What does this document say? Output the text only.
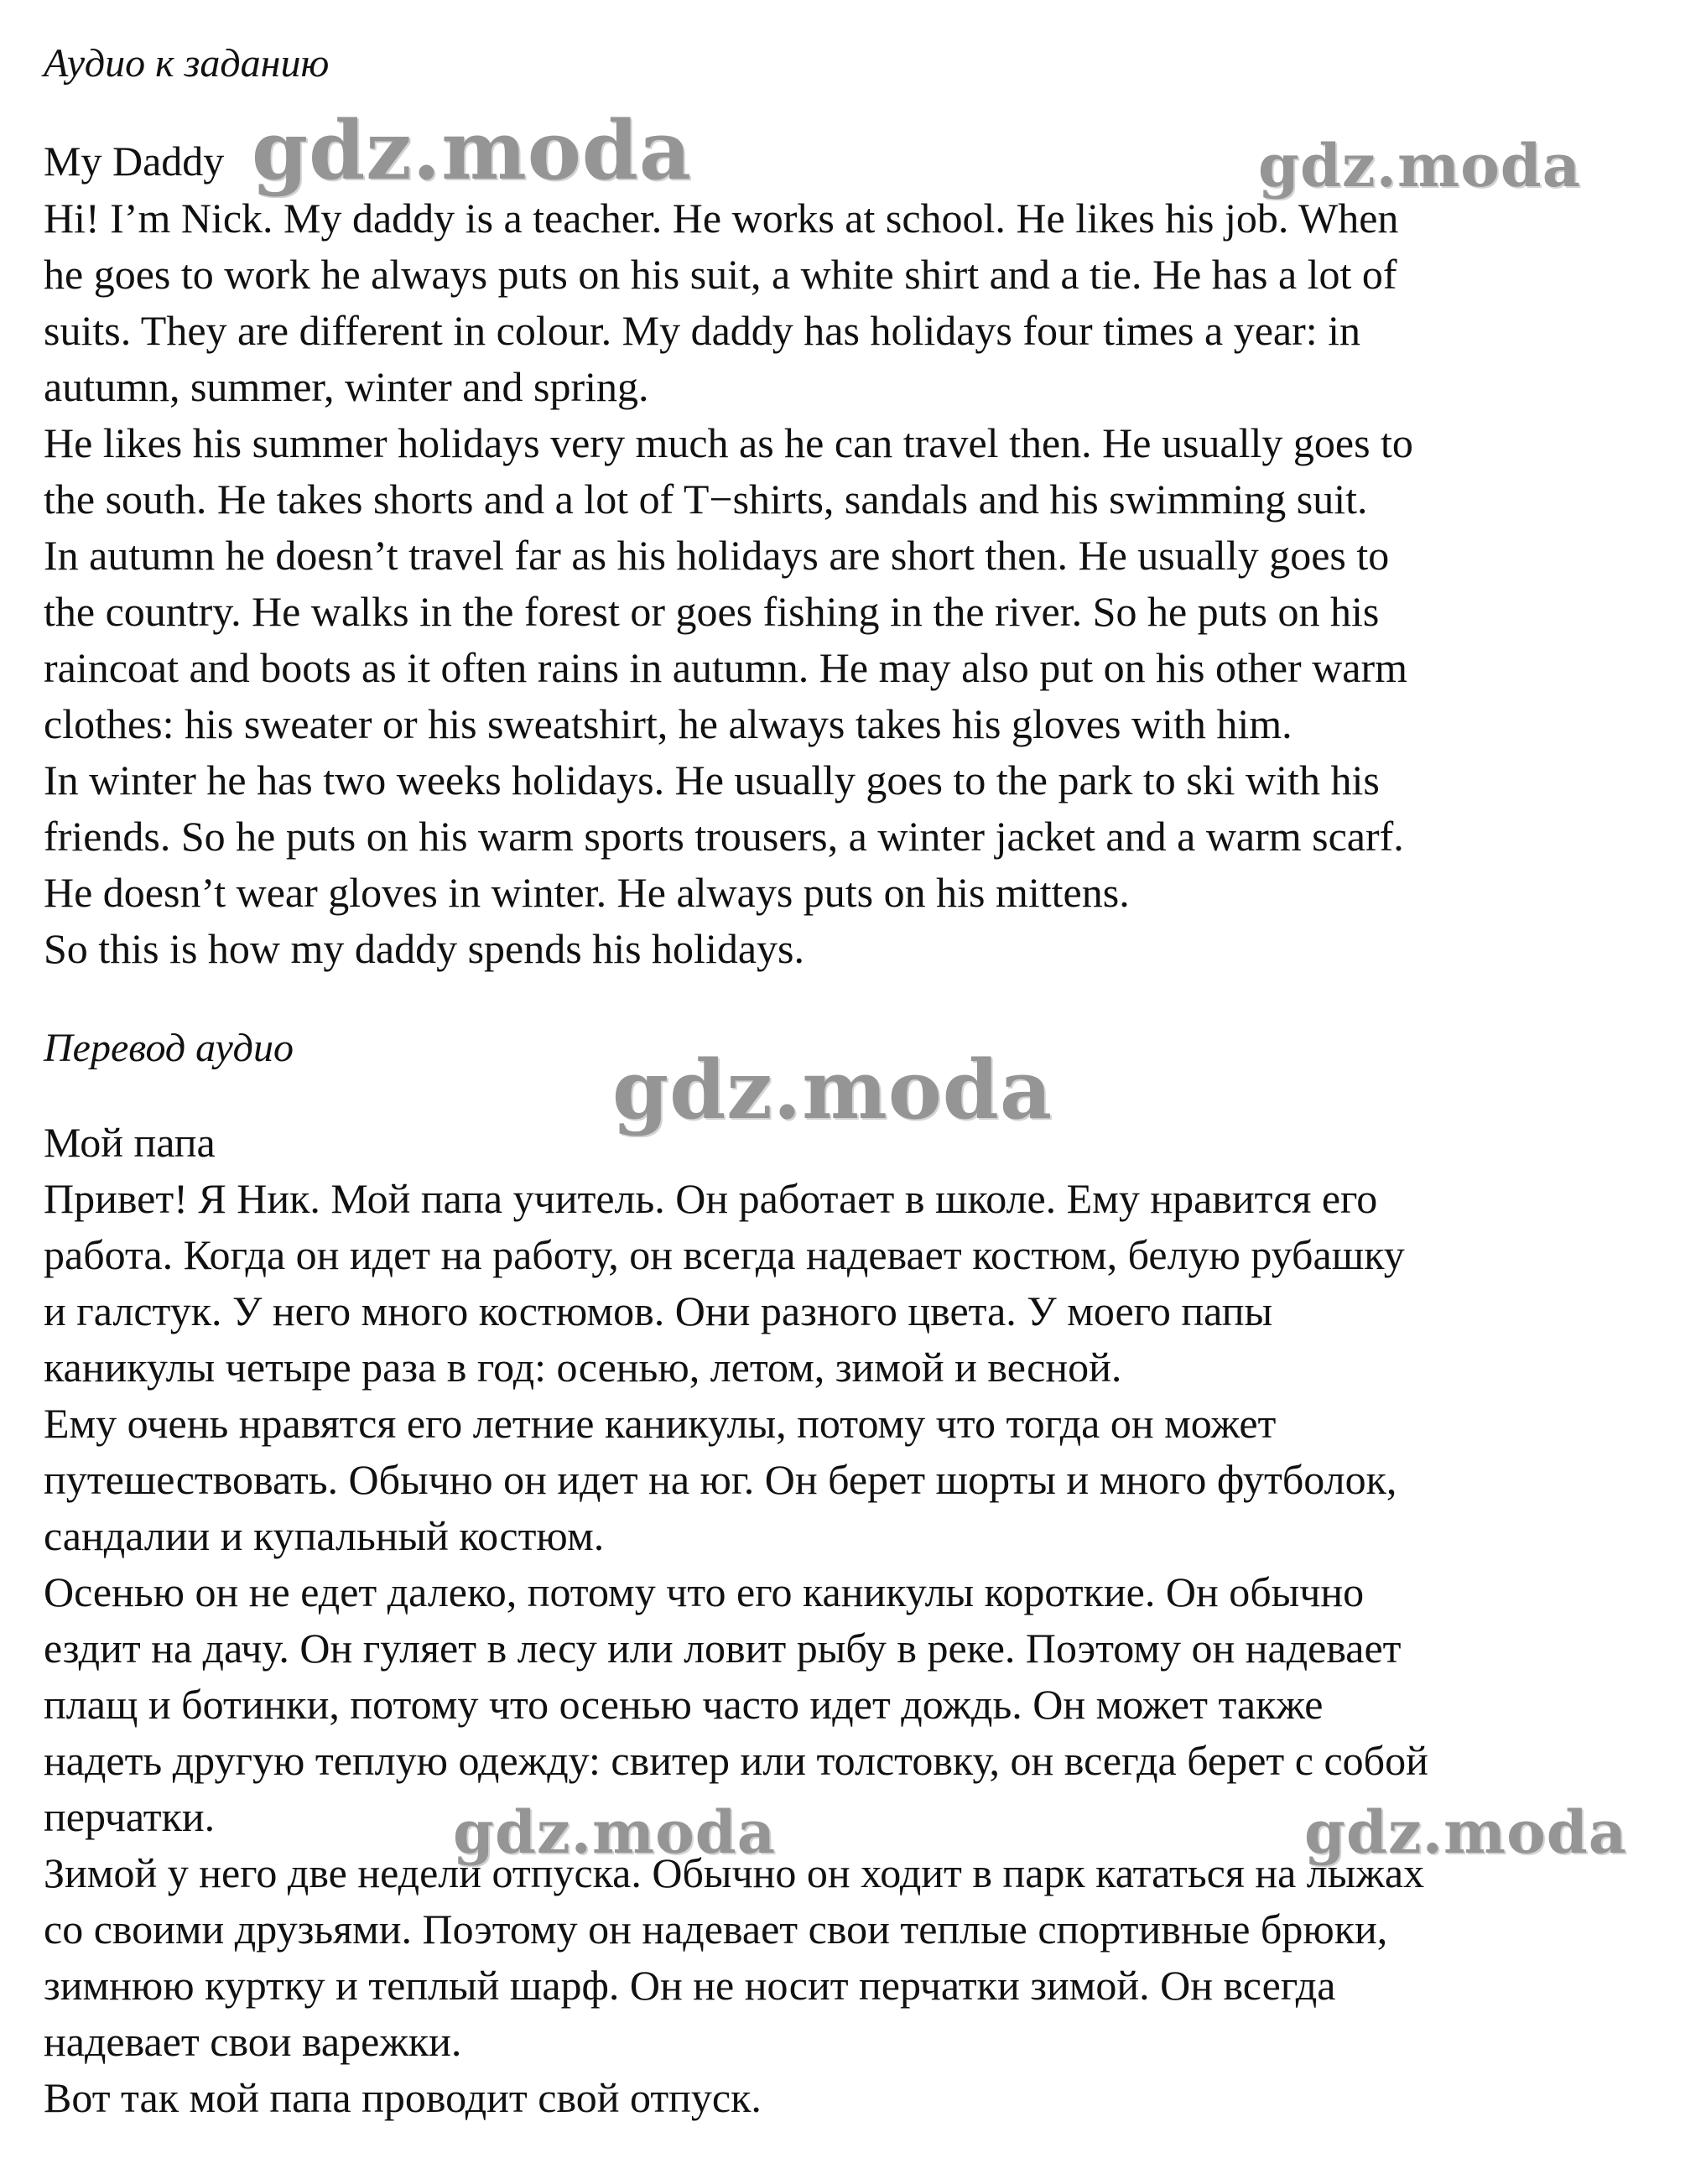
Аудио к заданию
My Daddy
Hi! I’m Nick. My daddy is a teacher. He works at school. He likes his job. When
he goes to work he always puts on his suit, a white shirt and a tie. He has a lot of
suits. They are different in colour. My daddy has holidays four times a year: in
autumn, summer, winter and spring.
He likes his summer holidays very much as he can travel then. He usually goes to
the south. He takes shorts and a lot of T−shirts, sandals and his swimming suit.
In autumn he doesn’t travel far as his holidays are short then. He usually goes to
the country. He walks in the forest or goes fishing in the river. So he puts on his
raincoat and boots as it often rains in autumn. He may also put on his other warm
clothes: his sweater or his sweatshirt, he always takes his gloves with him.
In winter he has two weeks holidays. He usually goes to the park to ski with his
friends. So he puts on his warm sports trousers, a winter jacket and a warm scarf.
He doesn’t wear gloves in winter. He always puts on his mittens.
So this is how my daddy spends his holidays.
Перевод аудио
Мой папа
Привет! Я Ник. Мой папа учитель. Он работает в школе. Ему нравится его
работа. Когда он идет на работу, он всегда надевает костюм, белую рубашку
и галстук. У него много костюмов. Они разного цвета. У моего папы
каникулы четыре раза в год: осенью, летом, зимой и весной.
Ему очень нравятся его летние каникулы, потому что тогда он может
путешествовать. Обычно он идет на юг. Он берет шорты и много футболок,
сандалии и купальный костюм.
Осенью он не едет далеко, потому что его каникулы короткие. Он обычно
ездит на дачу. Он гуляет в лесу или ловит рыбу в реке. Поэтому он надевает
плащ и ботинки, потому что осенью часто идет дождь. Он может также
надеть другую теплую одежду: свитер или толстовку, он всегда берет с собой
перчатки.
Зимой у него две недели отпуска. Обычно он ходит в парк кататься на лыжах
со своими друзьями. Поэтому он надевает свои теплые спортивные брюки,
зимнюю куртку и теплый шарф. Он не носит перчатки зимой. Он всегда
надевает свои варежки.
Вот так мой папа проводит свой отпуск.
gdz.moda	gdz.moda
gdz.moda
gdz.moda	gdz.moda
